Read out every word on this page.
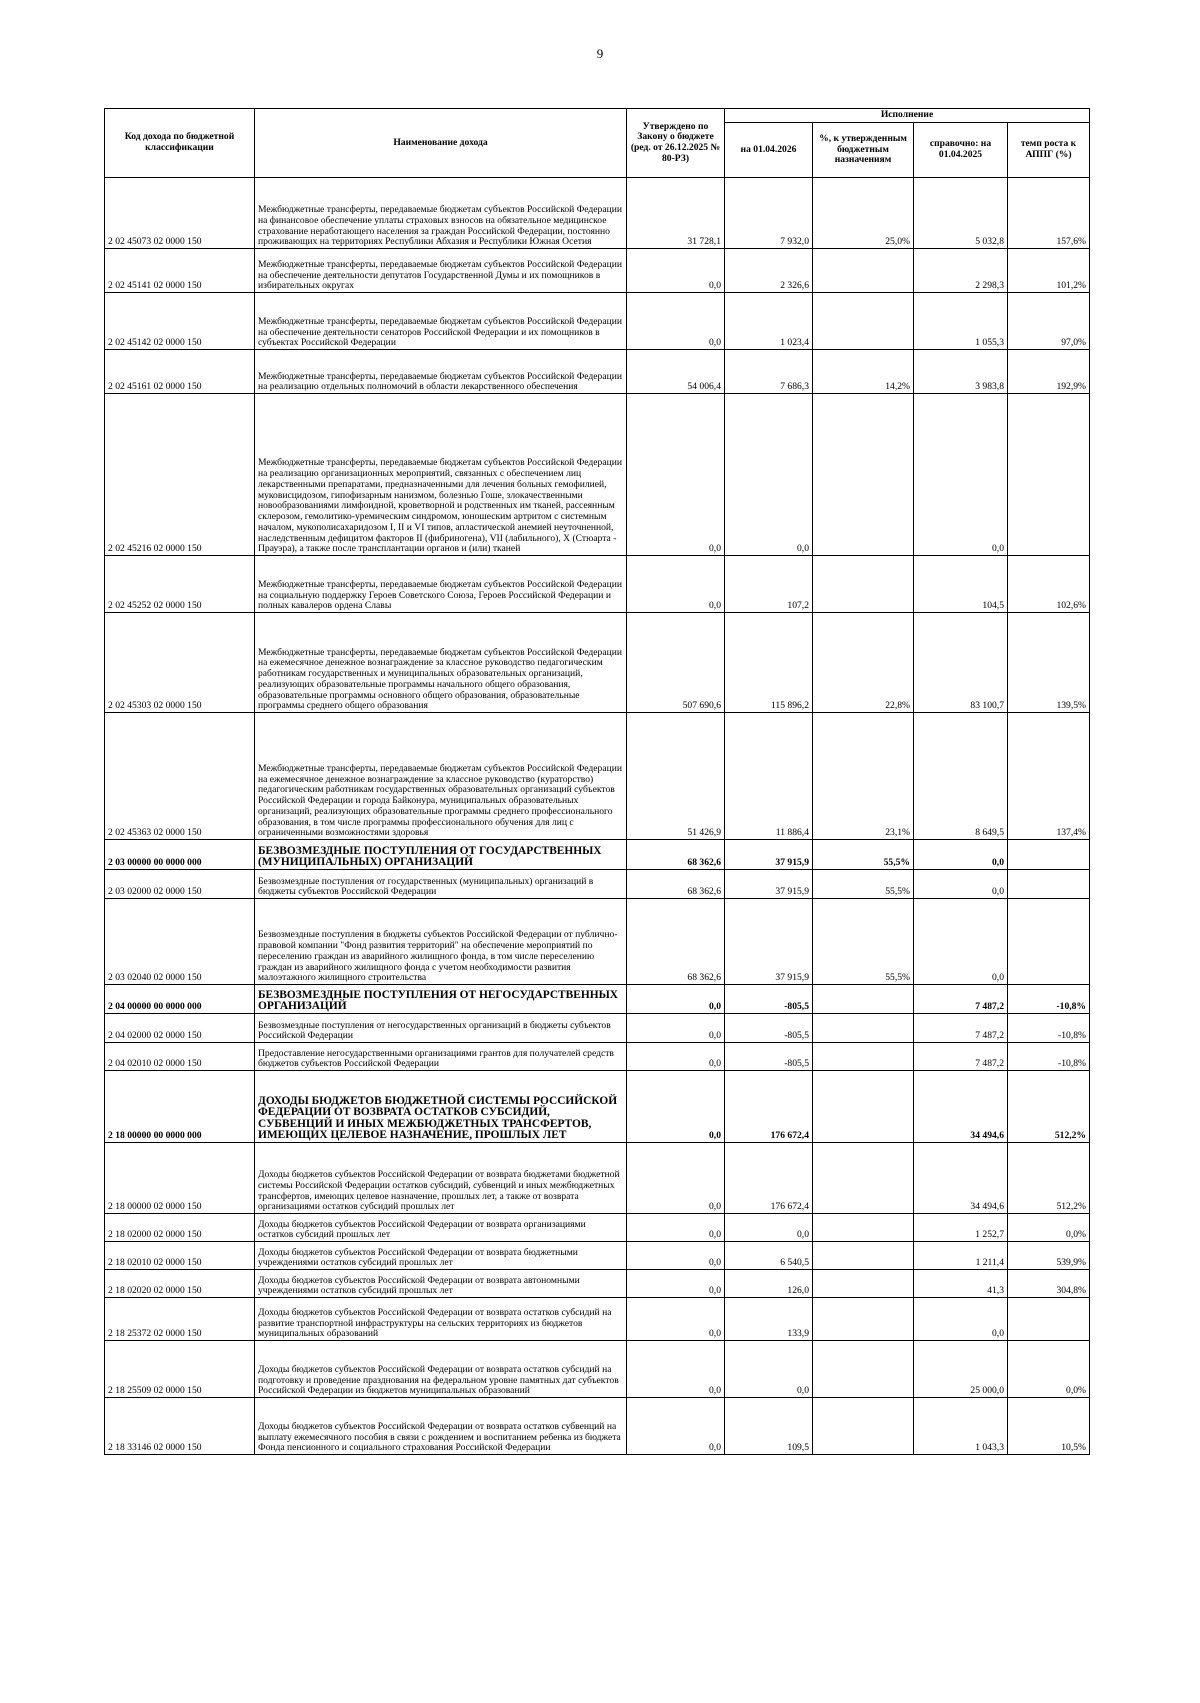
9
Код дохода по бюджетной классификации	Наименование дохода	Утверждено по Закону о бюджете (ред. от 26.12.2025 № 80-РЗ)	Исполнение			
			на 01.04.2026	%, к утвержденным бюджетным назначениям	справочно: на 01.04.2025	темп роста к АППГ (%)
2 02 45073 02 0000 150	Межбюджетные трансферты, передаваемые бюджетам субъектов Российской Федерации на финансовое обеспечение уплаты страховых взносов на обязательное медицинское страхование неработающего населения за граждан Российской Федерации, постоянно проживающих на территориях Республики Абхазия и Республики Южная Осетия	31 728,1	7 932,0	25,0%	5 032,8	157,6%
2 02 45141 02 0000 150	Межбюджетные трансферты, передаваемые бюджетам субъектов Российской Федерации на обеспечение деятельности депутатов Государственной Думы и их помощников в избирательных округах	0,0	2 326,6		2 298,3	101,2%
2 02 45142 02 0000 150	Межбюджетные трансферты, передаваемые бюджетам субъектов Российской Федерации на обеспечение деятельности сенаторов Российской Федерации и их помощников в субъектах Российской Федерации	0,0	1 023,4		1 055,3	97,0%
2 02 45161 02 0000 150	Межбюджетные трансферты, передаваемые бюджетам субъектов Российской Федерации на реализацию отдельных полномочий в области лекарственного обеспечения	54 006,4	7 686,3	14,2%	3 983,8	192,9%
2 02 45216 02 0000 150	Межбюджетные трансферты, передаваемые бюджетам субъектов Российской Федерации на реализацию организационных мероприятий, связанных с обеспечением лиц лекарственными препаратами, предназначенными для лечения больных гемофилией, муковисцидозом, гипофизарным нанизмом, болезнью Гоше, злокачественными новообразованиями лимфоидной, кроветворной и родственных им тканей, рассеянным склерозом, гемолитико-уремическим синдромом, юношеским артритом с системным началом, мукополисахаридозом I, II и VI типов, апластической анемией неуточненной, наследственным дефицитом факторов II (фибриногена), VII (лабильного), X (Стюарта - Прауэра), а также после трансплантации органов и (или) тканей	0,0	0,0		0,0	
2 02 45252 02 0000 150	Межбюджетные трансферты, передаваемые бюджетам субъектов Российской Федерации на социальную поддержку Героев Советского Союза, Героев Российской Федерации и полных кавалеров ордена Славы	0,0	107,2		104,5	102,6%
2 02 45303 02 0000 150	Межбюджетные трансферты, передаваемые бюджетам субъектов Российской Федерации на ежемесячное денежное вознаграждение за классное руководство педагогическим работникам государственных и муниципальных образовательных организаций, реализующих образовательные программы начального общего образования, образовательные программы основного общего образования, образовательные программы среднего общего образования	507 690,6	115 896,2	22,8%	83 100,7	139,5%
2 02 45363 02 0000 150	Межбюджетные трансферты, передаваемые бюджетам субъектов Российской Федерации на ежемесячное денежное вознаграждение за классное руководство (кураторство) педагогическим работникам государственных образовательных организаций субъектов Российской Федерации и города Байконура, муниципальных образовательных организаций, реализующих образовательные программы среднего профессионального образования, в том числе программы профессионального обучения для лиц с ограниченными возможностями здоровья	51 426,9	11 886,4	23,1%	8 649,5	137,4%
2 03 00000 00 0000 000	БЕЗВОЗМЕЗДНЫЕ ПОСТУПЛЕНИЯ ОТ ГОСУДАРСТВЕННЫХ (МУНИЦИПАЛЬНЫХ) ОРГАНИЗАЦИЙ	68 362,6	37 915,9	55,5%	0,0	
2 03 02000 02 0000 150	Безвозмездные поступления от государственных (муниципальных) организаций в бюджеты субъектов Российской Федерации	68 362,6	37 915,9	55,5%	0,0	
2 03 02040 02 0000 150	Безвозмездные поступления в бюджеты субъектов Российской Федерации от публично-правовой компании "Фонд развития территорий" на обеспечение мероприятий по переселению граждан из аварийного жилищного фонда, в том числе переселению граждан из аварийного жилищного фонда с учетом необходимости развития малоэтажного жилищного строительства	68 362,6	37 915,9	55,5%	0,0	
2 04 00000 00 0000 000	БЕЗВОЗМЕЗДНЫЕ ПОСТУПЛЕНИЯ ОТ НЕГОСУДАРСТВЕННЫХ ОРГАНИЗАЦИЙ	0,0	-805,5		7 487,2	-10,8%
2 04 02000 02 0000 150	Безвозмездные поступления от негосударственных организаций в бюджеты субъектов Российской Федерации	0,0	-805,5		7 487,2	-10,8%
2 04 02010 02 0000 150	Предоставление негосударственными организациями грантов для получателей средств бюджетов субъектов Российской Федерации	0,0	-805,5		7 487,2	-10,8%
2 18 00000 00 0000 000	ДОХОДЫ БЮДЖЕТОВ БЮДЖЕТНОЙ СИСТЕМЫ РОССИЙСКОЙ ФЕДЕРАЦИИ ОТ ВОЗВРАТА ОСТАТКОВ СУБСИДИЙ, СУБВЕНЦИЙ И ИНЫХ МЕЖБЮДЖЕТНЫХ ТРАНСФЕРТОВ, ИМЕЮЩИХ ЦЕЛЕВОЕ НАЗНАЧЕНИЕ, ПРОШЛЫХ ЛЕТ	0,0	176 672,4		34 494,6	512,2%
2 18 00000 02 0000 150	Доходы бюджетов субъектов Российской Федерации от возврата бюджетами бюджетной системы Российской Федерации остатков субсидий, субвенций и иных межбюджетных трансфертов, имеющих целевое назначение, прошлых лет, а также от возврата организациями остатков субсидий прошлых лет	0,0	176 672,4		34 494,6	512,2%
2 18 02000 02 0000 150	Доходы бюджетов субъектов Российской Федерации от возврата организациями остатков субсидий прошлых лет	0,0	0,0		1 252,7	0,0%
2 18 02010 02 0000 150	Доходы бюджетов субъектов Российской Федерации от возврата бюджетными учреждениями остатков субсидий прошлых лет	0,0	6 540,5		1 211,4	539,9%
2 18 02020 02 0000 150	Доходы бюджетов субъектов Российской Федерации от возврата автономными учреждениями остатков субсидий прошлых лет	0,0	126,0		41,3	304,8%
2 18 25372 02 0000 150	Доходы бюджетов субъектов Российской Федерации от возврата остатков субсидий на развитие транспортной инфраструктуры на сельских территориях из бюджетов муниципальных образований	0,0	133,9		0,0	
2 18 25509 02 0000 150	Доходы бюджетов субъектов Российской Федерации от возврата остатков субсидий на подготовку и проведение празднования на федеральном уровне памятных дат субъектов Российской Федерации из бюджетов муниципальных образований	0,0	0,0		25 000,0	0,0%
2 18 33146 02 0000 150	Доходы бюджетов субъектов Российской Федерации от возврата остатков субвенций на выплату ежемесячного пособия в связи с рождением и воспитанием ребенка из бюджета Фонда пенсионного и социального страхования Российской Федерации	0,0	109,5		1 043,3	10,5%
